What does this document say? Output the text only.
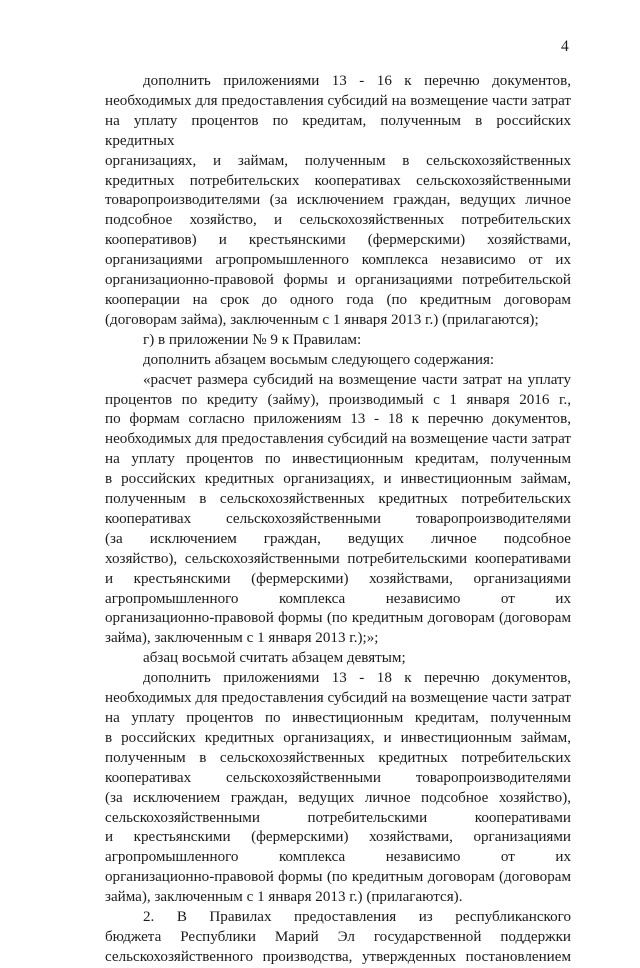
4

дополнить приложениями 13 - 16 к перечню документов,

необходимых для предоставления субсидий на возмещение части затрат

на уплату процентов по кредитам, полученным в российских кредитных

организациях, и займам, полученным в сельскохозяйственных

кредитных потребительских кооперативах сельскохозяйственными

товаропроизводителями (за исключением граждан, ведущих личное

подсобное хозяйство, и сельскохозяйственных потребительских

кооперативов) и крестьянскими (фермерскими) хозяйствами,

организациями агропромышленного комплекса независимо от их

организационно-правовой формы и организациями потребительской

кооперации на срок до одного года (по кредитным договорам

(договорам займа), заключенным с 1 января 2013 г.) (прилагаются);

г) в приложении № 9 к Правилам:

дополнить абзацем восьмым следующего содержания:

«расчет размера субсидий на возмещение части затрат на уплату

процентов по кредиту (займу), производимый с 1 января 2016 г.,

по формам согласно приложениям 13 - 18 к перечню документов,

необходимых для предоставления субсидий на возмещение части затрат

на уплату процентов по инвестиционным кредитам, полученным

в российских кредитных организациях, и инвестиционным займам,

полученным в сельскохозяйственных кредитных потребительских

кооперативах сельскохозяйственными товаропроизводителями

(за исключением граждан, ведущих личное подсобное

хозяйство), сельскохозяйственными потребительскими кооперативами

и крестьянскими (фермерскими) хозяйствами, организациями

агропромышленного комплекса независимо от их

организационно-правовой формы (по кредитным договорам (договорам

займа), заключенным с 1 января 2013 г.);»;

абзац восьмой считать абзацем девятым;

дополнить приложениями 13 - 18 к перечню документов,

необходимых для предоставления субсидий на возмещение части затрат

на уплату процентов по инвестиционным кредитам, полученным

в российских кредитных организациях, и инвестиционным займам,

полученным в сельскохозяйственных кредитных потребительских

кооперативах сельскохозяйственными товаропроизводителями

(за исключением граждан, ведущих личное подсобное хозяйство),

сельскохозяйственными потребительскими кооперативами

и крестьянскими (фермерскими) хозяйствами, организациями

агропромышленного комплекса независимо от их

организационно-правовой формы (по кредитным договорам (договорам

займа), заключенным с 1 января 2013 г.) (прилагаются).

2. В Правилах предоставления из республиканского

бюджета Республики Марий Эл государственной поддержки

сельскохозяйственного производства, утвержденных постановлением
